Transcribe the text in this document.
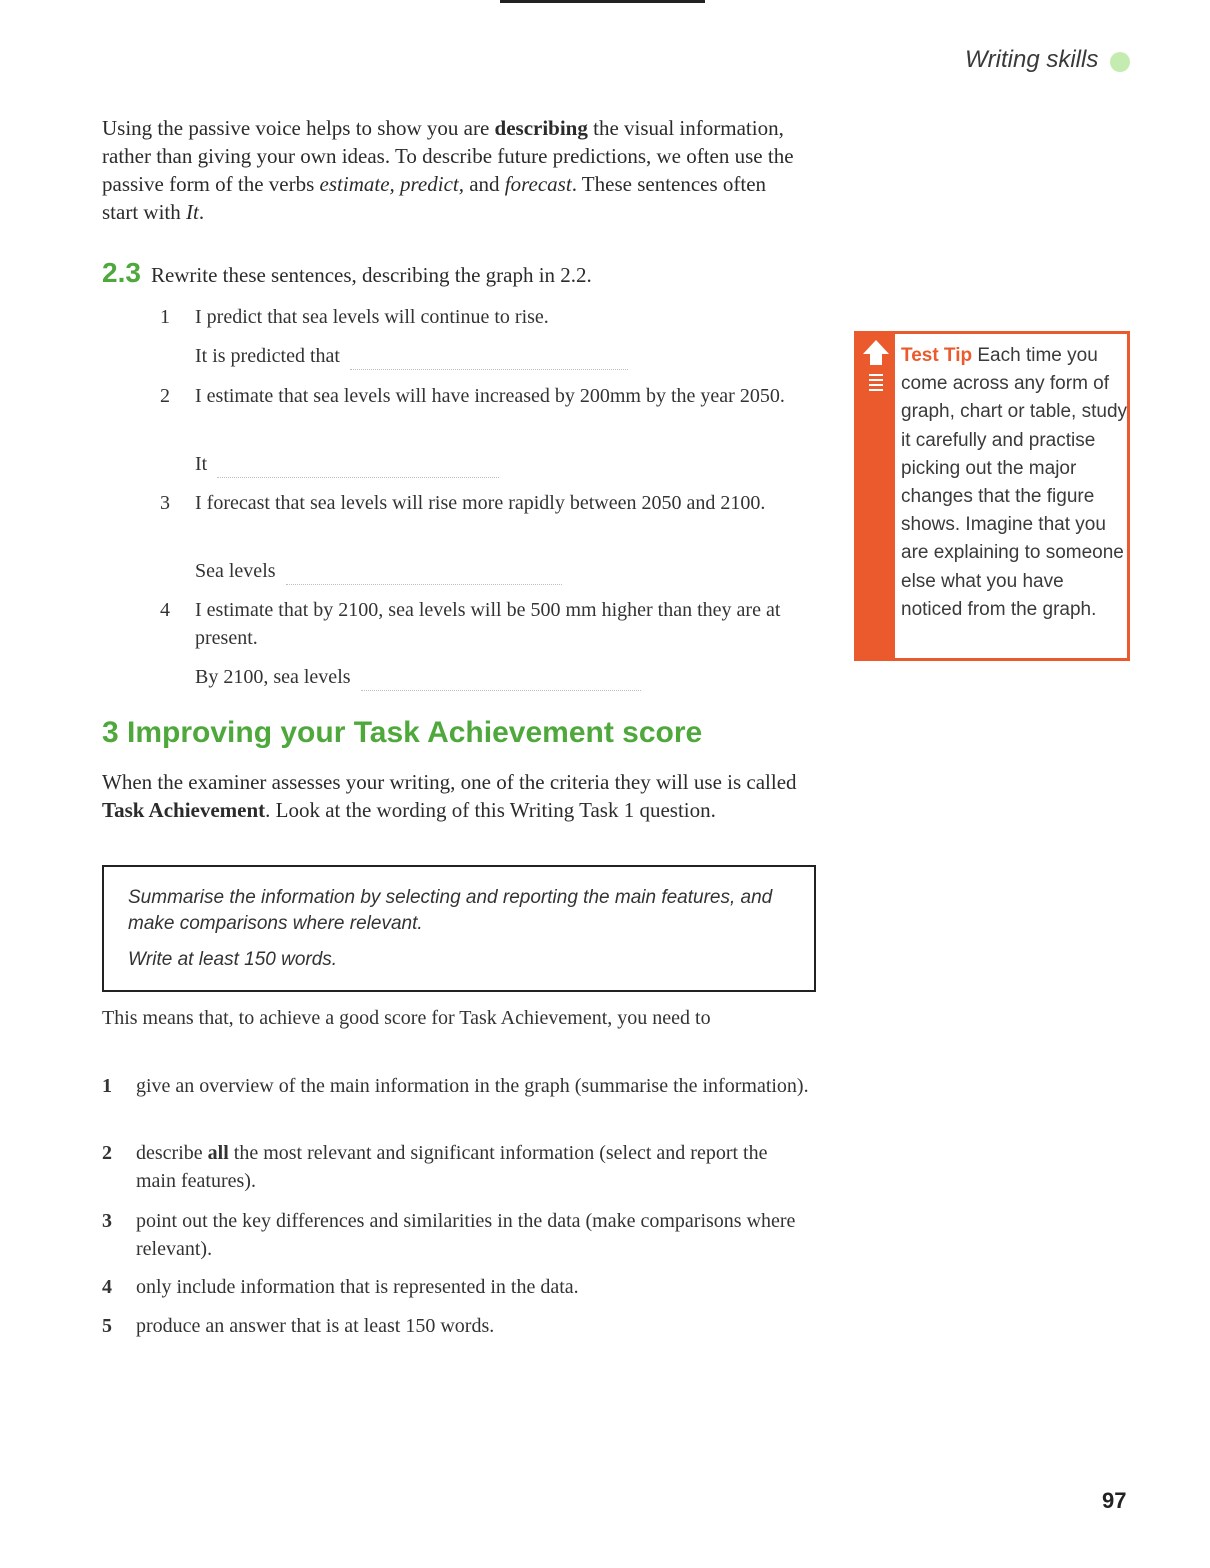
Writing skills
Using the passive voice helps to show you are describing the visual information, rather than giving your own ideas. To describe future predictions, we often use the passive form of the verbs estimate, predict, and forecast. These sentences often start with It.
2.3 Rewrite these sentences, describing the graph in 2.2.
1	I predict that sea levels will continue to rise.
It is predicted that
2	I estimate that sea levels will have increased by 200mm by the year 2050.
It
3	I forecast that sea levels will rise more rapidly between 2050 and 2100.
Sea levels
4	I estimate that by 2100, sea levels will be 500 mm higher than they are at present.
By 2100, sea levels
Test Tip Each time you come across any form of graph, chart or table, study it carefully and practise picking out the major changes that the figure shows. Imagine that you are explaining to someone else what you have noticed from the graph.
3 Improving your Task Achievement score
When the examiner assesses your writing, one of the criteria they will use is called Task Achievement. Look at the wording of this Writing Task 1 question.
Summarise the information by selecting and reporting the main features, and make comparisons where relevant.
Write at least 150 words.
This means that, to achieve a good score for Task Achievement, you need to
1 give an overview of the main information in the graph (summarise the information).
2 describe all the most relevant and significant information (select and report the main features).
3 point out the key differences and similarities in the data (make comparisons where relevant).
4 only include information that is represented in the data.
5 produce an answer that is at least 150 words.
97
